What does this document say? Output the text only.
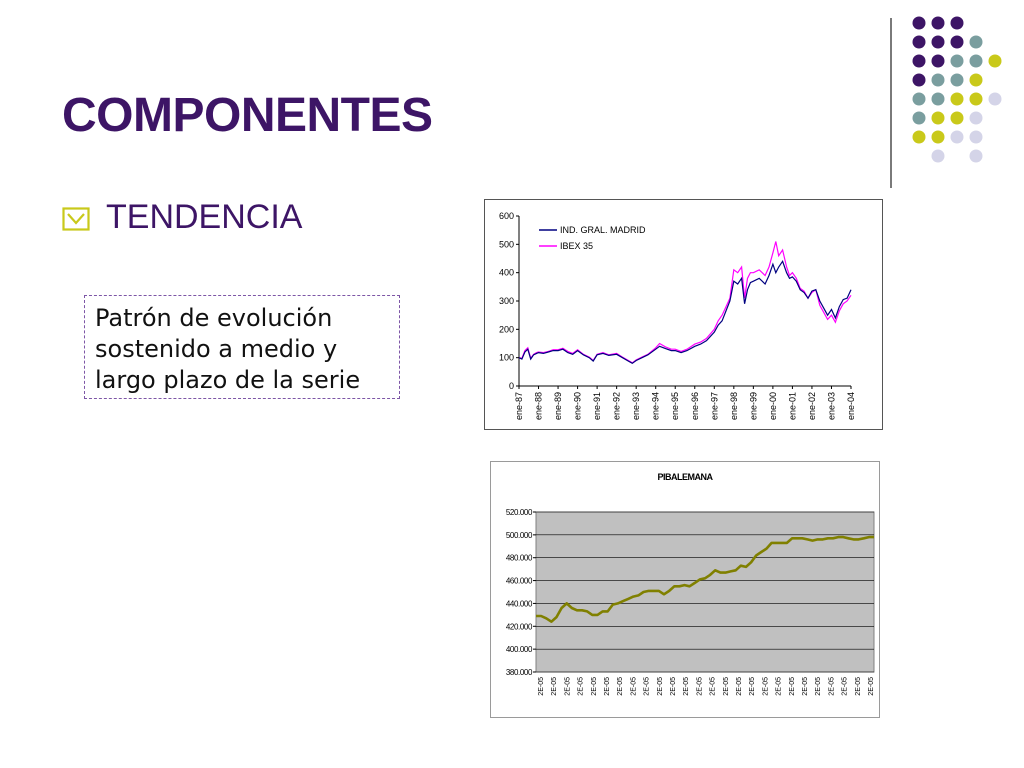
COMPONENTES
TENDENCIA
Patrón de evolución
sostenido a medio y
largo plazo de la serie	0
100
200
300
400
500
600
ene-87 ene-88 ene-89 ene-90 ene-91 ene-92 ene-93 ene-94 ene-95 ene-96 ene-97 ene-98 ene-99 ene-00 ene-01 ene-02 ene-03 ene-04
IND. GRAL. MADRID
IBEX 35
PIBALEMANA
380.000
400.000
420.000
440.000
460.000
480.000
500.000
520.000
2E-05 2E-05 2E-05 2E-05 2E-05 2E-05 2E-05 2E-05 2E-05 2E-05 2E-05 2E-05 2E-05 2E-05 2E-05 2E-05 2E-05 2E-05 2E-05 2E-05 2E-05 2E-05 2E-05 2E-05 2E-05 2E-05
